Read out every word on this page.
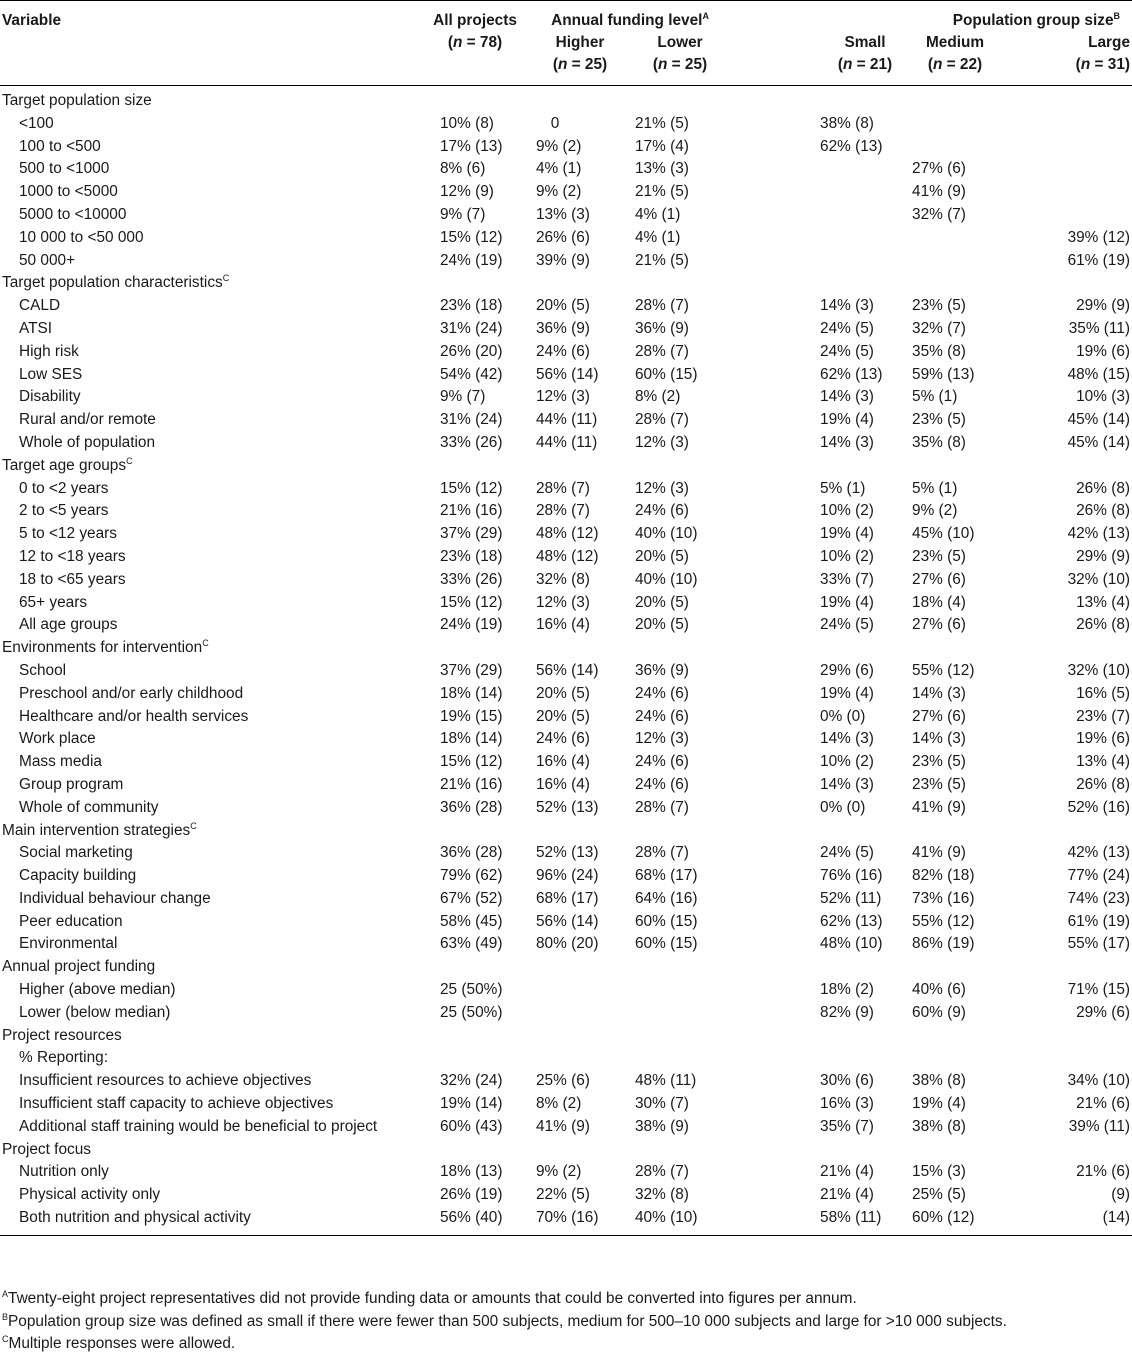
Variable	All projects	Annual funding level$^A$			Population group size$^B$
	(n = 78)	Higher	Lower		Small	Medium	Large
		(n = 25)	(n = 25)		(n = 21)	(n = 22)	(n = 31)
Target population size							
<100	10% (8)	0	21% (5)		38% (8)		
100 to <500	17% (13)	9% (2)	17% (4)		62% (13)		
500 to <1000	8% (6)	4% (1)	13% (3)			27% (6)	
1000 to <5000	12% (9)	9% (2)	21% (5)			41% (9)	
5000 to <10000	9% (7)	13% (3)	4% (1)			32% (7)	
10 000 to <50 000	15% (12)	26% (6)	4% (1)				39% (12)
50 000+	24% (19)	39% (9)	21% (5)				61% (19)
Target population characteristics$^C$
CALD	23% (18)	20% (5)	28% (7)		14% (3)	23% (5)	29% (9)
ATSI	31% (24)	36% (9)	36% (9)		24% (5)	32% (7)	35% (11)
High risk	26% (20)	24% (6)	28% (7)		24% (5)	35% (8)	19% (6)
Low SES	54% (42)	56% (14)	60% (15)		62% (13)	59% (13)	48% (15)
Disability	9% (7)	12% (3)	8% (2)		14% (3)	5% (1)	10% (3)
Rural and/or remote	31% (24)	44% (11)	28% (7)		19% (4)	23% (5)	45% (14)
Whole of population	33% (26)	44% (11)	12% (3)		14% (3)	35% (8)	45% (14)
Target age groups$^C$
0 to <2 years	15% (12)	28% (7)	12% (3)		5% (1)	5% (1)	26% (8)
2 to <5 years	21% (16)	28% (7)	24% (6)		10% (2)	9% (2)	26% (8)
5 to <12 years	37% (29)	48% (12)	40% (10)		19% (4)	45% (10)	42% (13)
12 to <18 years	23% (18)	48% (12)	20% (5)		10% (2)	23% (5)	29% (9)
18 to <65 years	33% (26)	32% (8)	40% (10)		33% (7)	27% (6)	32% (10)
65+ years	15% (12)	12% (3)	20% (5)		19% (4)	18% (4)	13% (4)
All age groups	24% (19)	16% (4)	20% (5)		24% (5)	27% (6)	26% (8)
Environments for intervention$^C$
School	37% (29)	56% (14)	36% (9)		29% (6)	55% (12)	32% (10)
Preschool and/or early childhood	18% (14)	20% (5)	24% (6)		19% (4)	14% (3)	16% (5)
Healthcare and/or health services	19% (15)	20% (5)	24% (6)		0% (0)	27% (6)	23% (7)
Work place	18% (14)	24% (6)	12% (3)		14% (3)	14% (3)	19% (6)
Mass media	15% (12)	16% (4)	24% (6)		10% (2)	23% (5)	13% (4)
Group program	21% (16)	16% (4)	24% (6)		14% (3)	23% (5)	26% (8)
Whole of community	36% (28)	52% (13)	28% (7)		0% (0)	41% (9)	52% (16)
Main intervention strategies$^C$
Social marketing	36% (28)	52% (13)	28% (7)		24% (5)	41% (9)	42% (13)
Capacity building	79% (62)	96% (24)	68% (17)		76% (16)	82% (18)	77% (24)
Individual behaviour change	67% (52)	68% (17)	64% (16)		52% (11)	73% (16)	74% (23)
Peer education	58% (45)	56% (14)	60% (15)		62% (13)	55% (12)	61% (19)
Environmental	63% (49)	80% (20)	60% (15)		48% (10)	86% (19)	55% (17)
Annual project funding							
Higher (above median)	25 (50%)				18% (2)	40% (6)	71% (15)
Lower (below median)	25 (50%)				82% (9)	60% (9)	29% (6)
Project resources							
% Reporting:							
Insufficient resources to achieve objectives	32% (24)	25% (6)	48% (11)		30% (6)	38% (8)	34% (10)
Insufficient staff capacity to achieve objectives	19% (14)	8% (2)	30% (7)		16% (3)	19% (4)	21% (6)
Additional staff training would be beneficial to project	60% (43)	41% (9)	38% (9)		35% (7)	38% (8)	39% (11)
Project focus							
Nutrition only	18% (13)	9% (2)	28% (7)		21% (4)	15% (3)	21% (6)
Physical activity only	26% (19)	22% (5)	32% (8)		21% (4)	25% (5)	(9)
Both nutrition and physical activity	56% (40)	70% (16)	40% (10)		58% (11)	60% (12)	(14)
$^A$Twenty-eight project representatives did not provide funding data or amounts that could be converted into figures per annum.
$^B$Population group size was defined as small if there were fewer than 500 subjects, medium for 500–10 000 subjects and large for >10 000 subjects.
$^C$Multiple responses were allowed.
